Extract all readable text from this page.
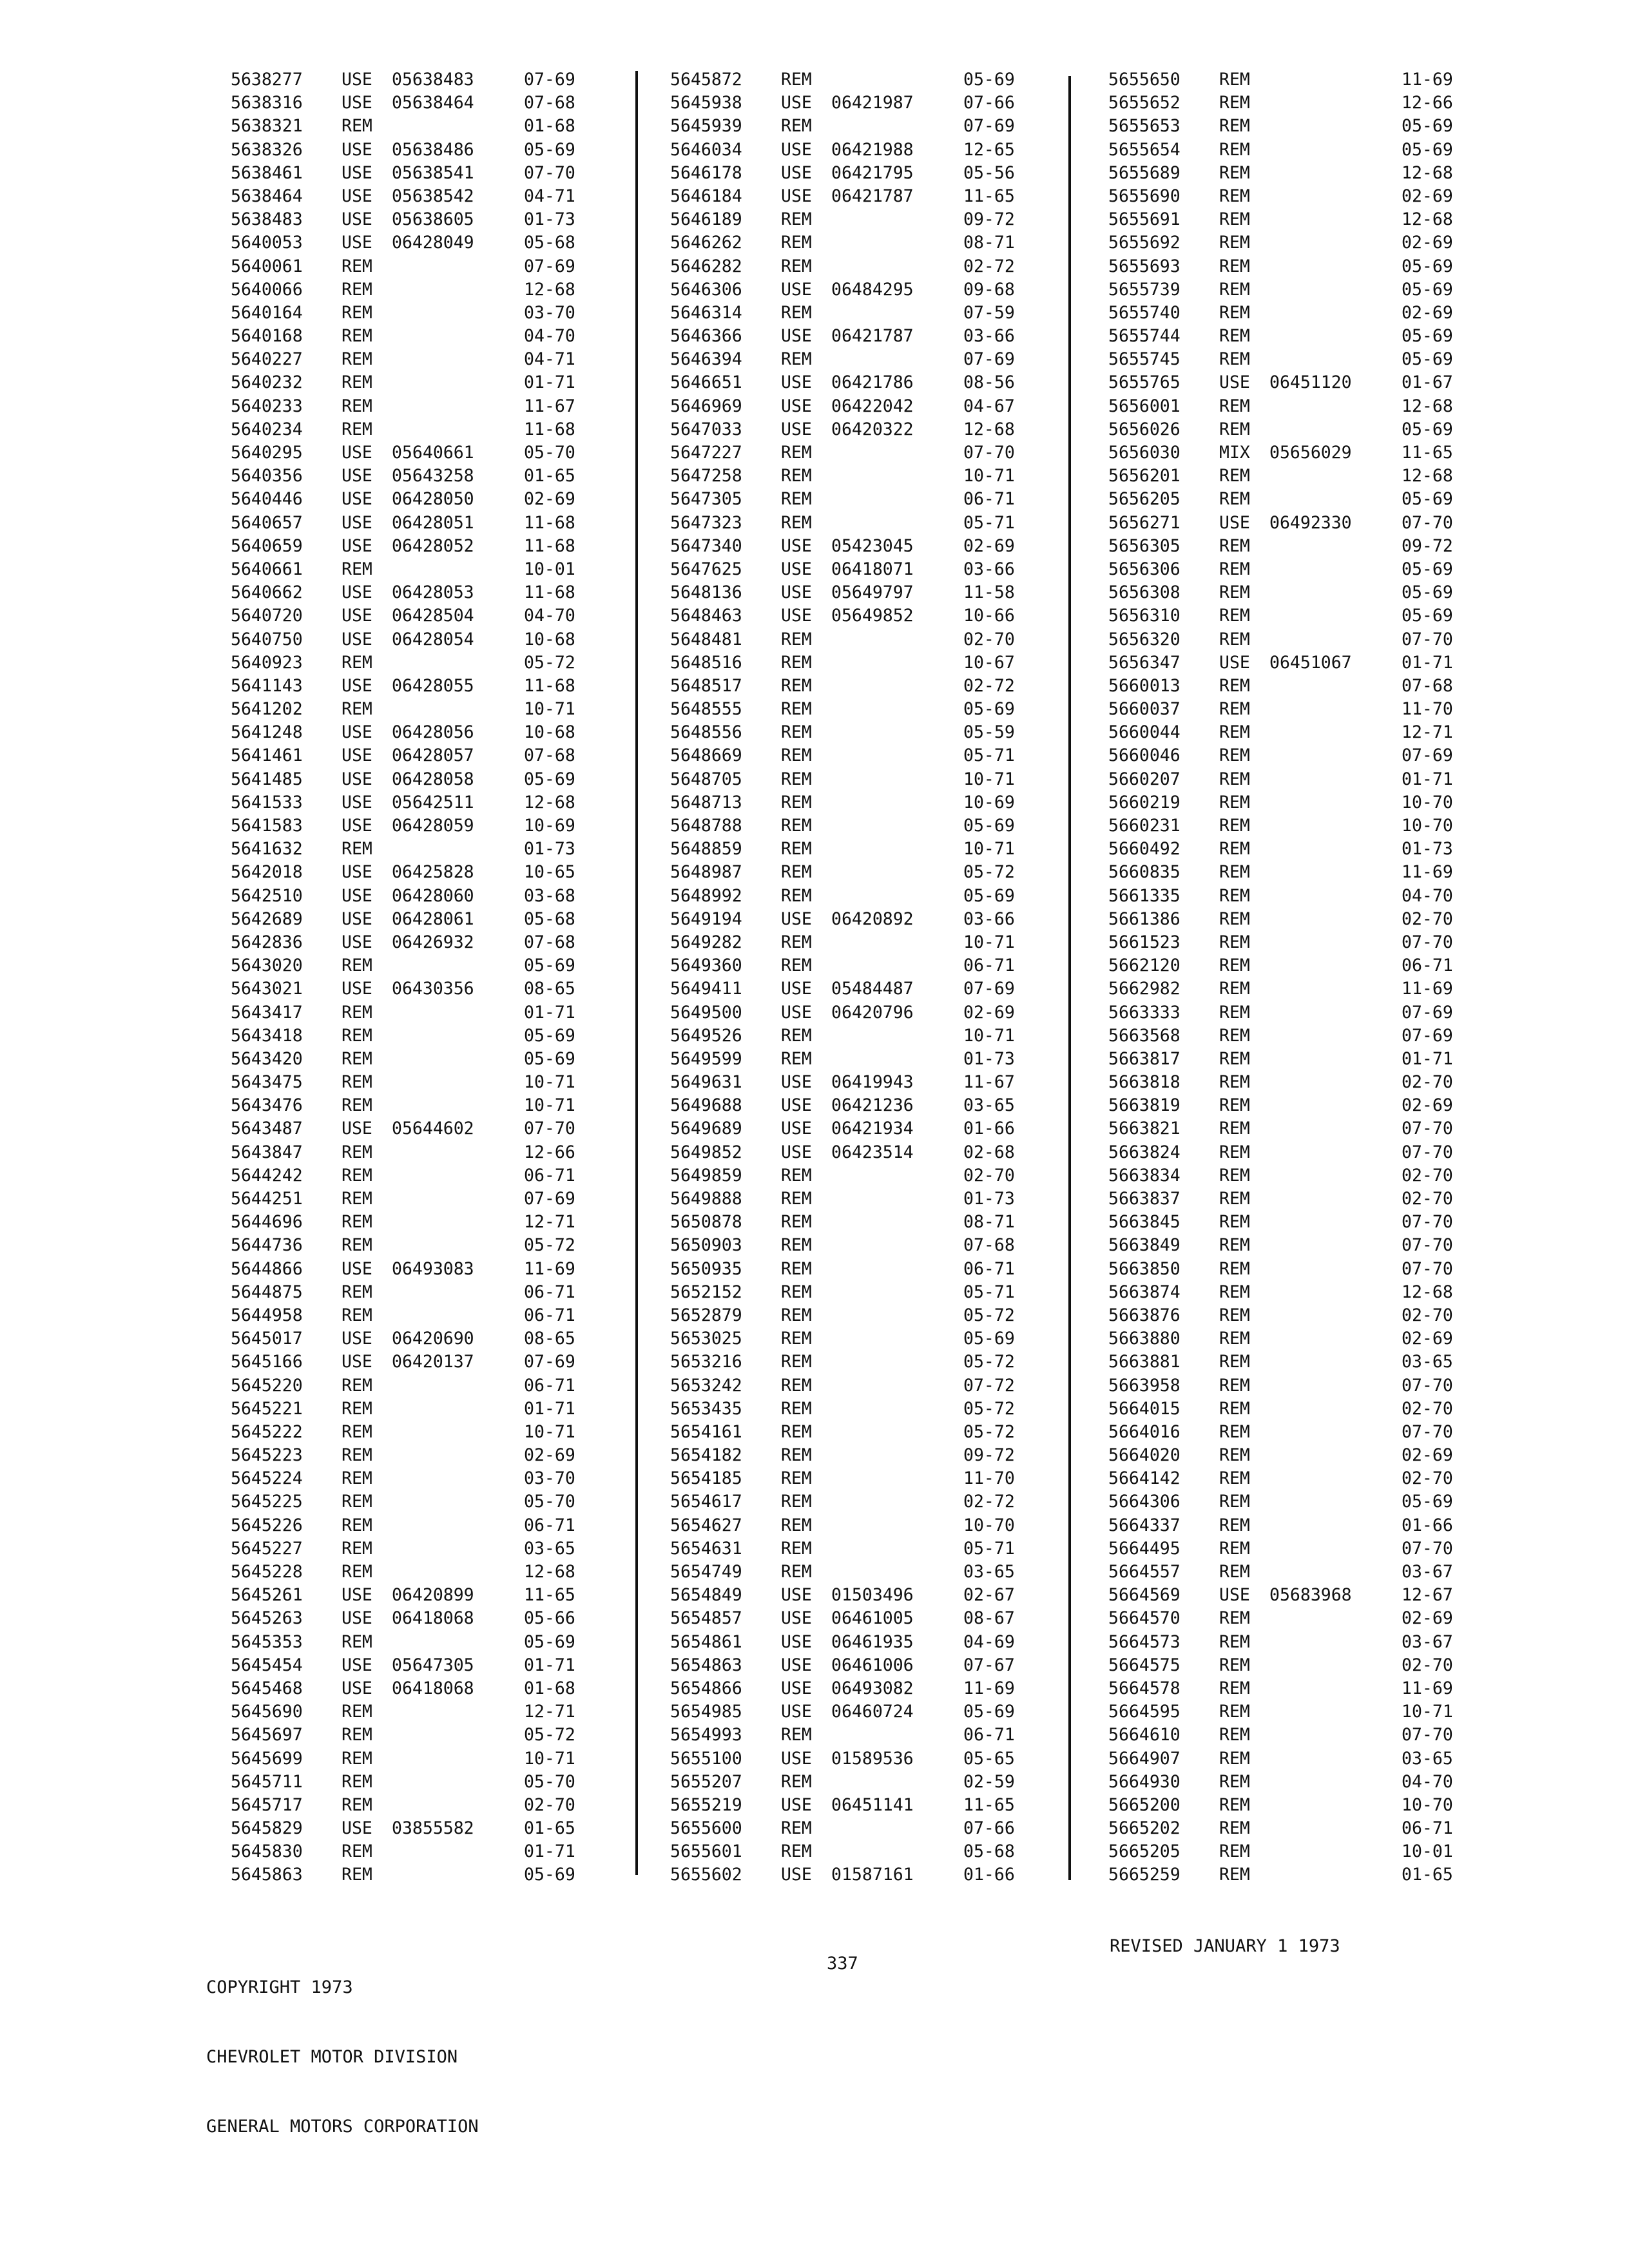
5638277 USE 05638483	07-69
5638316 USE 05638464	07-68
5638321 REM	01-68
5638326 USE 05638486	05-69
5638461 USE 05638541	07-70
5638464 USE 05638542	04-71
5638483 USE 05638605	01-73
5640053 USE 06428049	05-68
5640061 REM	07-69
5640066 REM	12-68
5640164 REM	03-70
5640168 REM	04-70
5640227 REM	04-71
5640232 REM	01-71
5640233 REM	11-67
5640234 REM	11-68
5640295 USE 05640661	05-70
5640356 USE 05643258	01-65
5640446 USE 06428050	02-69
5640657 USE 06428051	11-68
5640659 USE 06428052	11-68
5640661 REM	10-01
5640662 USE 06428053	11-68
5640720 USE 06428504	04-70
5640750 USE 06428054	10-68
5640923 REM	05-72
5641143 USE 06428055	11-68
5641202 REM	10-71
5641248 USE 06428056	10-68
5641461 USE 06428057	07-68
5641485 USE 06428058	05-69
5641533 USE 05642511	12-68
5641583 USE 06428059	10-69
5641632 REM	01-73
5642018 USE 06425828	10-65
5642510 USE 06428060	03-68
5642689 USE 06428061	05-68
5642836 USE 06426932	07-68
5643020 REM	05-69
5643021 USE 06430356	08-65
5643417 REM	01-71
5643418 REM	05-69
5643420 REM	05-69
5643475 REM	10-71
5643476 REM	10-71
5643487 USE 05644602	07-70
5643847 REM	12-66
5644242 REM	06-71
5644251 REM	07-69
5644696 REM	12-71
5644736 REM	05-72
5644866 USE 06493083	11-69
5644875 REM	06-71
5644958 REM	06-71
5645017 USE 06420690	08-65
5645166 USE 06420137	07-69
5645220 REM	06-71
5645221 REM	01-71
5645222 REM	10-71
5645223 REM	02-69
5645224 REM	03-70
5645225 REM	05-70
5645226 REM	06-71
5645227 REM	03-65
5645228 REM	12-68
5645261 USE 06420899	11-65
5645263 USE 06418068	05-66
5645353 REM	05-69
5645454 USE 05647305	01-71
5645468 USE 06418068	01-68
5645690 REM	12-71
5645697 REM	05-72
5645699 REM	10-71
5645711 REM	05-70
5645717 REM	02-70
5645829 USE 03855582	01-65
5645830 REM	01-71
5645863 REM	05-69
5645872 REM	05-69
5645938 USE 06421987	07-66
5645939 REM	07-69
5646034 USE 06421988	12-65
5646178 USE 06421795	05-56
5646184 USE 06421787	11-65
5646189 REM	09-72
5646262 REM	08-71
5646282 REM	02-72
5646306 USE 06484295	09-68
5646314 REM	07-59
5646366 USE 06421787	03-66
5646394 REM	07-69
5646651 USE 06421786	08-56
5646969 USE 06422042	04-67
5647033 USE 06420322	12-68
5647227 REM	07-70
5647258 REM	10-71
5647305 REM	06-71
5647323 REM	05-71
5647340 USE 05423045	02-69
5647625 USE 06418071	03-66
5648136 USE 05649797	11-58
5648463 USE 05649852	10-66
5648481 REM	02-70
5648516 REM	10-67
5648517 REM	02-72
5648555 REM	05-69
5648556 REM	05-59
5648669 REM	05-71
5648705 REM	10-71
5648713 REM	10-69
5648788 REM	05-69
5648859 REM	10-71
5648987 REM	05-72
5648992 REM	05-69
5649194 USE 06420892	03-66
5649282 REM	10-71
5649360 REM	06-71
5649411 USE 05484487	07-69
5649500 USE 06420796	02-69
5649526 REM	10-71
5649599 REM	01-73
5649631 USE 06419943	11-67
5649688 USE 06421236	03-65
5649689 USE 06421934	01-66
5649852 USE 06423514	02-68
5649859 REM	02-70
5649888 REM	01-73
5650878 REM	08-71
5650903 REM	07-68
5650935 REM	06-71
5652152 REM	05-71
5652879 REM	05-72
5653025 REM	05-69
5653216 REM	05-72
5653242 REM	07-72
5653435 REM	05-72
5654161 REM	05-72
5654182 REM	09-72
5654185 REM	11-70
5654617 REM	02-72
5654627 REM	10-70
5654631 REM	05-71
5654749 REM	03-65
5654849 USE 01503496	02-67
5654857 USE 06461005	08-67
5654861 USE 06461935	04-69
5654863 USE 06461006	07-67
5654866 USE 06493082	11-69
5654985 USE 06460724	05-69
5654993 REM	06-71
5655100 USE 01589536	05-65
5655207 REM	02-59
5655219 USE 06451141	11-65
5655600 REM	07-66
5655601 REM	05-68
5655602 USE 01587161	01-66
5655650 REM	11-69
5655652 REM	12-66
5655653 REM	05-69
5655654 REM	05-69
5655689 REM	12-68
5655690 REM	02-69
5655691 REM	12-68
5655692 REM	02-69
5655693 REM	05-69
5655739 REM	05-69
5655740 REM	02-69
5655744 REM	05-69
5655745 REM	05-69
5655765 USE 06451120	01-67
5656001 REM	12-68
5656026 REM	05-69
5656030 MIX 05656029	11-65
5656201 REM	12-68
5656205 REM	05-69
5656271 USE 06492330	07-70
5656305 REM	09-72
5656306 REM	05-69
5656308 REM	05-69
5656310 REM	05-69
5656320 REM	07-70
5656347 USE 06451067	01-71
5660013 REM	07-68
5660037 REM	11-70
5660044 REM	12-71
5660046 REM	07-69
5660207 REM	01-71
5660219 REM	10-70
5660231 REM	10-70
5660492 REM	01-73
5660835 REM	11-69
5661335 REM	04-70
5661386 REM	02-70
5661523 REM	07-70
5662120 REM	06-71
5662982 REM	11-69
5663333 REM	07-69
5663568 REM	07-69
5663817 REM	01-71
5663818 REM	02-70
5663819 REM	02-69
5663821 REM	07-70
5663824 REM	07-70
5663834 REM	02-70
5663837 REM	02-70
5663845 REM	07-70
5663849 REM	07-70
5663850 REM	07-70
5663874 REM	12-68
5663876 REM	02-70
5663880 REM	02-69
5663881 REM	03-65
5663958 REM	07-70
5664015 REM	02-70
5664016 REM	07-70
5664020 REM	02-69
5664142 REM	02-70
5664306 REM	05-69
5664337 REM	01-66
5664495 REM	07-70
5664557 REM	03-67
5664569 USE 05683968	12-67
5664570 REM	02-69
5664573 REM	03-67
5664575 REM	02-70
5664578 REM	11-69
5664595 REM	10-71
5664610 REM	07-70
5664907 REM	03-65
5664930 REM	04-70
5665200 REM	10-70
5665202 REM	06-71
5665205 REM	10-01
5665259 REM	01-65

COPYRIGHT 1973

CHEVROLET MOTOR DIVISION

GENERAL MOTORS CORPORATION

337
REVISED JANUARY 1 1973
